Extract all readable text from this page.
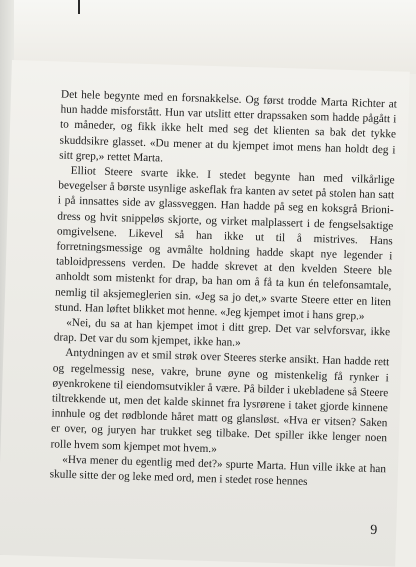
Det hele begynte med en forsnakkelse. Og først trodde Marta Richter at hun hadde misforstått. Hun var utslitt etter drapssaken som hadde pågått i to måneder, og fikk ikke helt med seg det klienten sa bak det tykke skuddsikre glasset. «Du mener at du kjempet imot mens han holdt deg i sitt grep,» rettet Marta.

Elliot Steere svarte ikke. I stedet begynte han med vilkårlige bevegelser å børste usynlige askeflak fra kanten av setet på stolen han satt i på innsattes side av glassveggen. Han hadde på seg en koksgrå Brioni-dress og hvit snippeløs skjorte, og virket malplassert i de fengselsaktige omgivelsene. Likevel så han ikke ut til å mistrives. Hans forretningsmessige og avmålte holdning hadde skapt nye legender i tabloidpressens verden. De hadde skrevet at den kvelden Steere ble anholdt som mistenkt for drap, ba han om å få ta kun én telefonsamtale, nemlig til aksjemeglerien sin. «Jeg sa jo det,» svarte Steere etter en liten stund. Han løftet blikket mot henne. «Jeg kjempet imot i hans grep.»

«Nei, du sa at han kjempet imot i ditt grep. Det var selvforsvar, ikke drap. Det var du som kjempet, ikke han.»

Antydningen av et smil strøk over Steeres sterke ansikt. Han hadde rett og regelmessig nese, vakre, brune øyne og mistenkelig få rynker i øyenkrokene til eiendomsutvikler å være. På bilder i ukebladene så Steere tiltrekkende ut, men det kalde skinnet fra lysrørene i taket gjorde kinnene innhule og det rødblonde håret matt og glansløst. «Hva er vitsen? Saken er over, og juryen har trukket seg tilbake. Det spiller ikke lenger noen rolle hvem som kjempet mot hvem.»

«Hva mener du egentlig med det?» spurte Marta. Hun ville ikke at han skulle sitte der og leke med ord, men i stedet rose hennes

9
